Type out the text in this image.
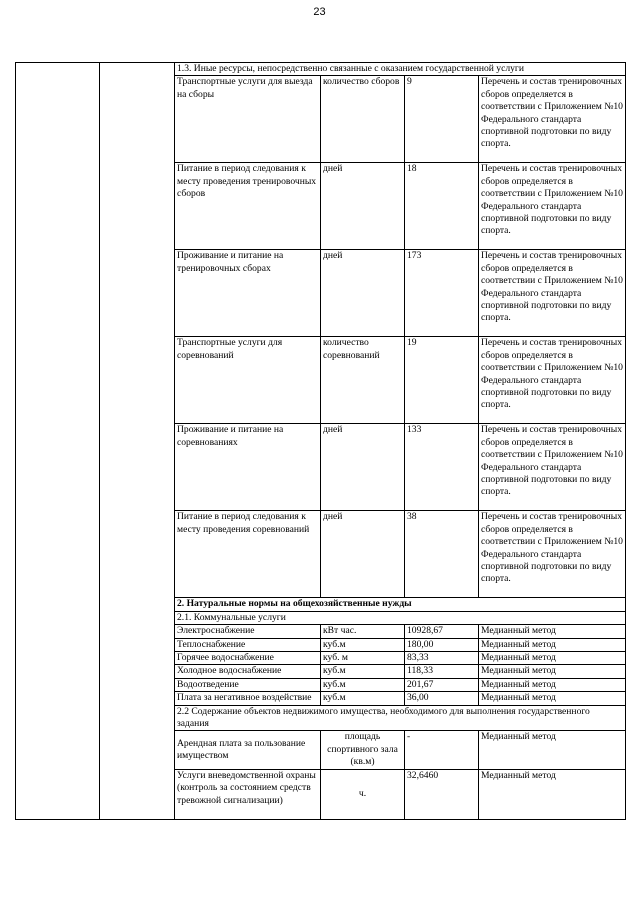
23
		1.3. Иные ресурсы, непосредственно связанные с оказанием государственной услуги			
		Транспортные услуги для выезда на сборы	количество сборов	9	Перечень и состав тренировочных сборов определяется в соответствии с Приложением №10 Федерального стандарта спортивной подготовки по виду спорта.
		Питание в период следования к месту проведения тренировочных сборов	дней	18	Перечень и состав тренировочных сборов определяется в соответствии с Приложением №10 Федерального стандарта спортивной подготовки по виду спорта.
		Проживание и питание на тренировочных сборах	дней	173	Перечень и состав тренировочных сборов определяется в соответствии с Приложением №10 Федерального стандарта спортивной подготовки по виду спорта.
		Транспортные услуги для соревнований	количество соревнований	19	Перечень и состав тренировочных сборов определяется в соответствии с Приложением №10 Федерального стандарта спортивной подготовки по виду спорта.
		Проживание и питание на соревнованиях	дней	133	Перечень и состав тренировочных сборов определяется в соответствии с Приложением №10 Федерального стандарта спортивной подготовки по виду спорта.
		Питание в период следования к месту проведения соревнований	дней	38	Перечень и состав тренировочных сборов определяется в соответствии с Приложением №10 Федерального стандарта спортивной подготовки по виду спорта.
		2. Натуральные нормы на общехозяйственные нужды			
		2.1. Коммунальные услуги			
		Электроснабжение	кВт час.	10928,67	Медианный метод
		Теплоснабжение	куб.м	180,00	Медианный метод
		Горячее водоснабжение	куб. м	83,33	Медианный метод
		Холодное водоснабжение	куб.м	118,33	Медианный метод
		Водоотведение	куб.м	201,67	Медианный метод
		Плата за негативное воздействие	куб.м	36,00	Медианный метод
		2.2 Содержание объектов недвижимого имущества, необходимого для выполнения государственного задания			
		Арендная плата за пользование имуществом	площадь спортивного зала (кв.м)	-	Медианный метод
		Услуги вневедомственной охраны (контроль за состоянием средств тревожной сигнализации)	ч.	32,6460	Медианный метод
